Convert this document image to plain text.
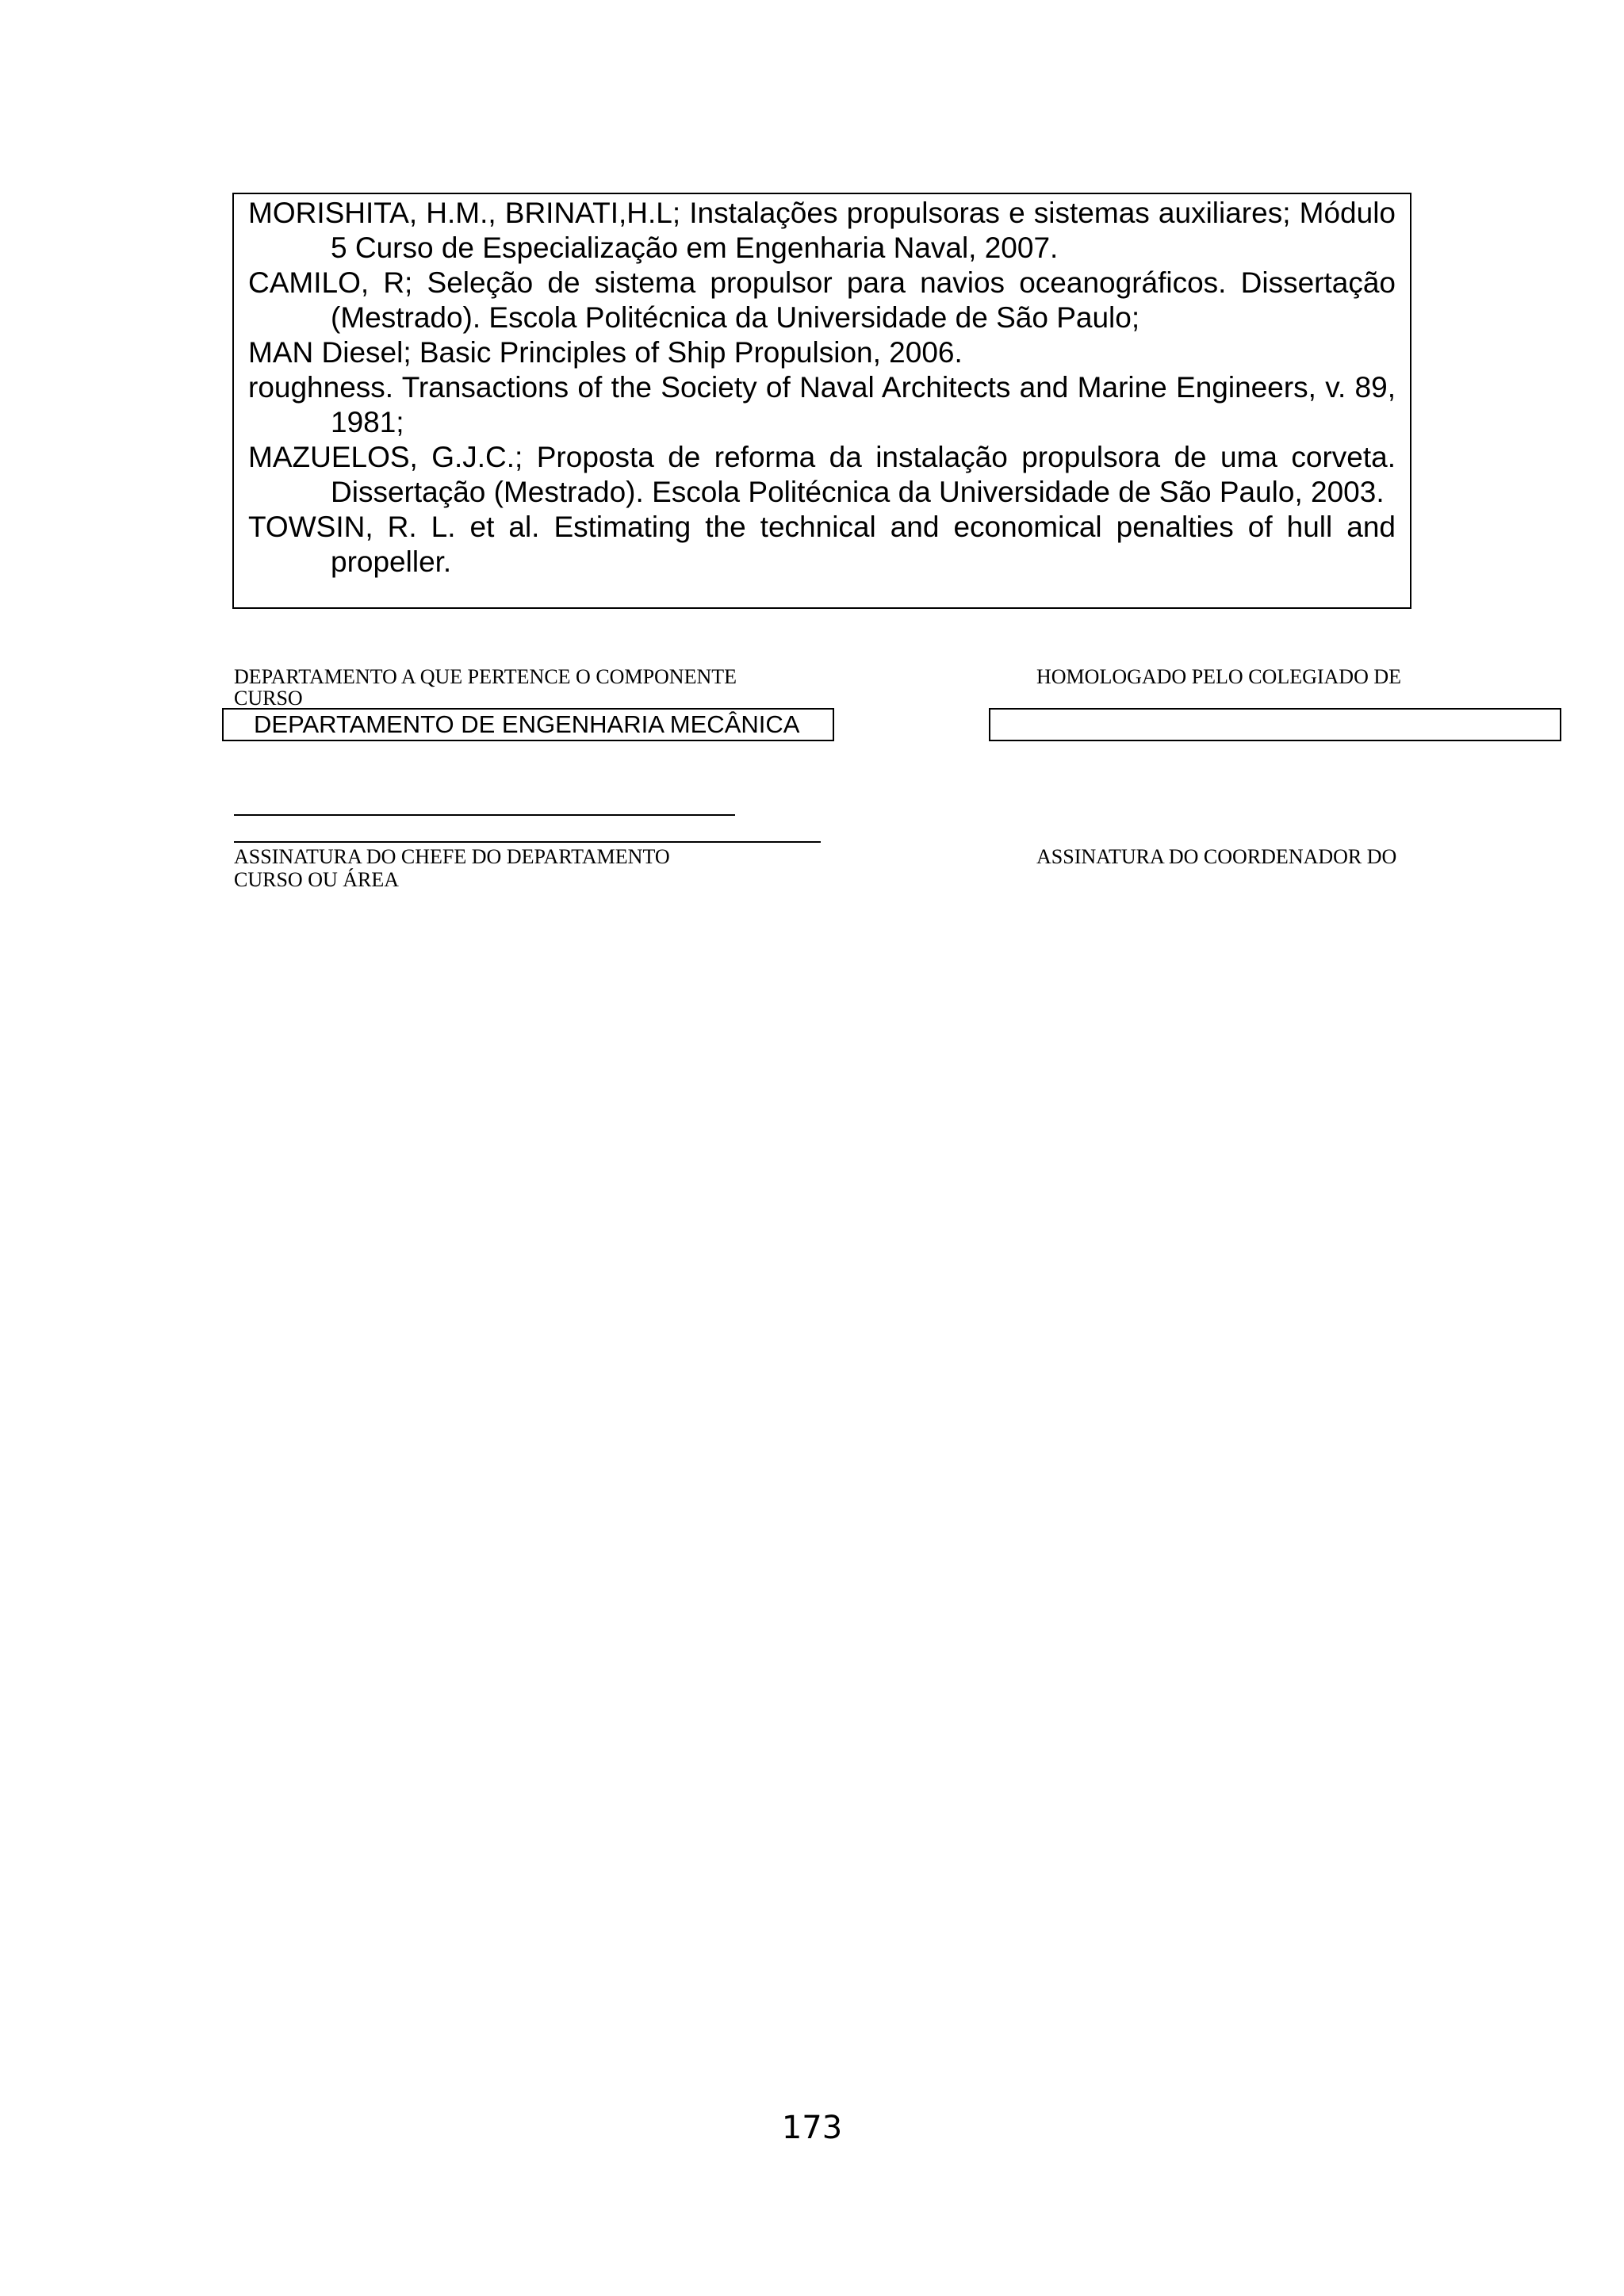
MORISHITA, H.M., BRINATI,H.L; Instalações propulsoras e sistemas auxiliares; Módulo 5 Curso de Especialização em Engenharia Naval, 2007.
CAMILO, R; Seleção de sistema propulsor para navios oceanográficos. Dissertação (Mestrado). Escola Politécnica da Universidade de São Paulo;
MAN Diesel; Basic Principles of Ship Propulsion, 2006.
roughness. Transactions of the Society of Naval Architects and Marine Engineers, v. 89, 1981;
MAZUELOS, G.J.C.; Proposta de reforma da instalação propulsora de uma corveta. Dissertação (Mestrado). Escola Politécnica da Universidade de São Paulo, 2003.
TOWSIN, R. L. et al. Estimating the technical and economical penalties of hull and propeller.
DEPARTAMENTO A QUE PERTENCE O COMPONENTE
CURSO
HOMOLOGADO PELO COLEGIADO DE
DEPARTAMENTO DE ENGENHARIA MECÂNICA
ASSINATURA DO CHEFE DO DEPARTAMENTO
CURSO OU ÁREA
ASSINATURA DO COORDENADOR DO
173
